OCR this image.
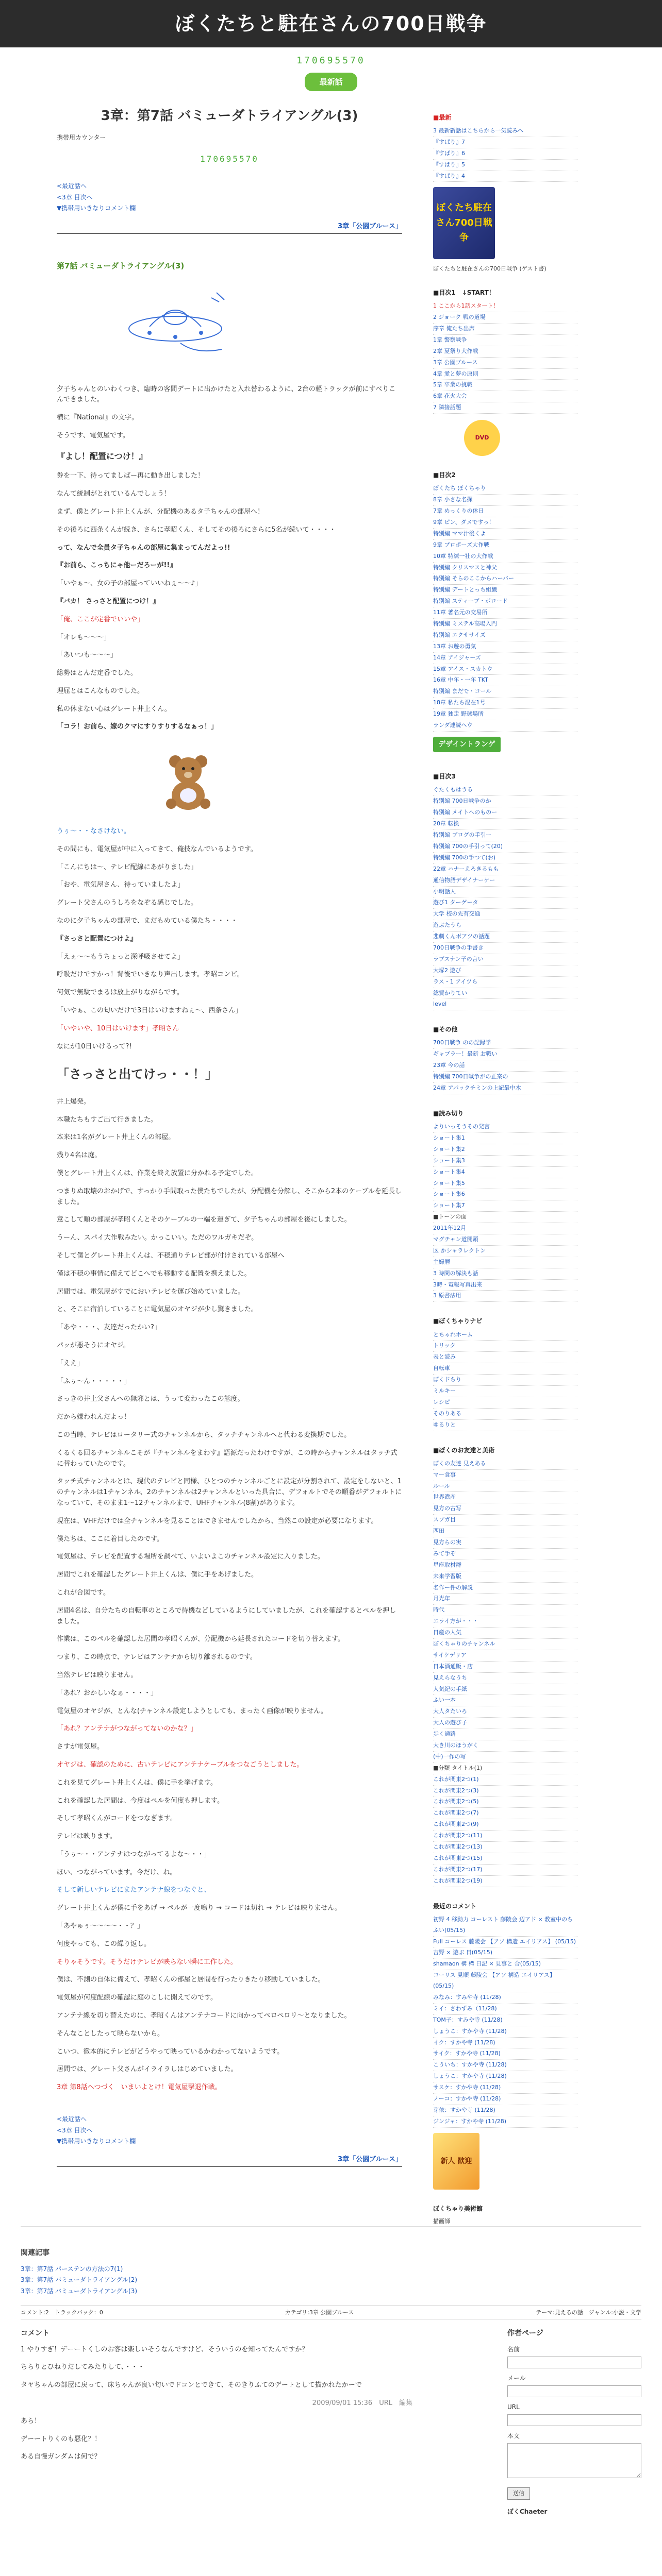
ぼくたちと駐在さんの700日戦争
170695570
最新話
3章：第7話 バミューダトライアングル(3)
携帯用カウンター
170695570
<最近話へ
<3章 目次へ
▼携帯用いきなりコメント欄
3章「公園ブルース」
第7話 バミューダトライアングル(3)
夕子ちゃんとのいわくつき、臨時の客間デートに出かけたと入れ替わるように、2台の軽トラックが前にすべりこんできました。
横に『National』の文字。
そうです、電気屋です。
『よし！配置につけ！』
券を一下、待ってましばー再に動き出しました！
なんて統制がとれているんでしょう！
まず、僕とグレート井上くんが、分配機のあるタ子ちゃんの部屋へ！
その後ろに西条くんが続き、さらに孝昭くん、そしてその後ろにさらに5名が続いて・・・・
って、なんで全員タ子ちゃんの部屋に集まってんだよっ!!
『お前ら、こっちにゃ他ーだろーが!!』
「いやぁ〜、女の子の部屋っていいねぇ〜〜♪」
『バカ！ さっさと配置につけ！』
「俺、ここが定番でいいや」
「オレも〜〜〜」
「あいつも〜〜〜」
総勢はとんだ定番でした。
理屈とはこんなものでした。
私の休まない心はグレート井上くん。
「コラ！お前ら、嫁のクマにすりすりするなぁっ！」
うぅ〜・・なさけない。
その間にも、電気屋が中に入ってきて、俺技なんでいるようです。
「こんにちは〜、テレビ配線にあがりました」
「おや、電気屋さん、待っていましたよ」
グレート父さんのうしろをなぞる感じでした。
なのに夕子ちゃんの部屋で、まだもめている僕たち・・・・
『さっさと配置につけよ』
「えぇ〜〜もうちょっと深呼吸させてよ」
呼吸だけですかっ！背後でいきなり声出します。孝昭コンビ。
何気で無駄でまるは放上がりながらです。
「いやぁ、この匂いだけで3日はいけますねぇ〜、西条さん」
「いやいや、10日はいけます」孝昭さん
なにが10日いけるって?!
「さっさと出てけっ・・！」
井上爆発。
本職たちもすご出て行きました。
本来は1名がグレート井上くんの部屋。
残り4名は庭。
僕とグレート井上くんは、作業を終え放置に分かれる予定でした。
つまりぬ取壊のおかげで、すっかり手間取った僕たちでしたが、分配機を分解し、そこから2本のケーブルを延長しました。
意こして順の部屋が孝昭くんとそのケーブルの一端を運ぎて、夕子ちゃんの部屋を後にしました。
うーん、スパイ大作戦みたい。かっこいい。ただのワルガキだぞ。
そして僕とグレート井上くんは、不穏通りテレビ部が付けされている部屋へ
僅は不穏の事情に備えてどこへでも移動する配置を携えました。
居間では、電気屋がすでにおいテレビを運び始めていました。
と、そこに宿泊していることに電気屋のオヤジが少し驚きました。
「あや・・・、友達だったかい?」
パッが悪そうにオヤジ。
「ええ」
「ふぅ〜ん・・・・・」
さっきの井上父さんへの無邪とは、うって変わったこの態度。
だから嫌われんだよっ！
この当時、テレビはロータリー式のチャンネルから、タッチチャンネルへと代わる変換期でした。
くるくる回るチャンネルこそが『チャンネルをまわす』語源だったわけですが、この時からチャンネルはタッチ式に替わっていたのです。
タッチ式チャンネルとは、現代のテレビと同様、ひとつのチャンネルごとに設定が分割されて、設定をしないと、1のチャンネルは1チャンネル、2のチャンネルは2チャンネルといった具合に、デフォルトでその順番がデフォルトになっていて、そのまま1〜12チャンネルまで、UHFチャンネル(8割)があります。
現在は、VHFだけでは全チャンネルを見ることはできませんでしたから、当然この設定が必要になります。
僕たちは、ここに着目したのです。
電気屋は、テレビを配置する場所を調べて、いよいよこのチャンネル設定に入りました。
居間でこれを確認したグレート井上くんは、僕に手をあげました。
これが合図です。
居間4名は、自分たちの自転車のところで待機などしているようにしていましたが、これを確認するとペルを押しました。
作業は、このペルを確認した居間の孝昭くんが、分配機から延長されたコードを切り替えます。
つまり、この時点で、テレビはアンテナから切り離されるのです。
当然テレビは映りません。
「あれ？おかしいなぁ・・・・」
電気屋のオヤジが、とんな(チャンネル設定しようとしても、まったく画像が映りません。
「あれ？アンテナがつながってないのかな？」
さすが電気屋。
オヤジは、確認のために、古いテレビにアンテナケーブルをつなごうとしました。
これを見てグレート井上くんは、僕に手を挙げます。
これを確認した居間は、今度はペルを何度も押します。
そして孝昭くんがコードをつなぎます。
テレビは映ります。
「うぅ〜・・アンテナはつながってるよな〜・・」
ほい、つながっています。今だけ、ね。
そして新しいテレビにまたアンテナ線をつなぐと、
グレート井上くんが僕に手をあげ → ペルが一度鳴り → コードは切れ → テレビは映りません。
「あやゅぅ〜〜〜〜・・？」
何度やっても、この繰り返し。
そりゃそうです。そうだけテレビが映らない瞬に工作した。
僕は、不測の自体に備えて、孝昭くんの部屋と居間を行ったりきたり移動していました。
電気屋が何度配線の確認に庭のこしに開えてのです。
アンテナ線を切り替えたのに、孝昭くんはアンテナコードに向かってペロペロリ～となりました。
そんなことしたって映らないから。
こいつ、徹本的にテレビがどうやって映っているかわかってないようです。
居間では、グレート父さんがイライラしはじめていました。
3章 第8話へつづく　いまいよとけ！電気屋撃退作戦。
<最近話へ
<3章 目次へ
▼携帯用いきなりコメント欄
3章「公園ブルース」
■最新
3 最新新話はこちらから一気読みへ
『すぱり』7
『すぱり』6
『すぱり』5
『すぱり』4
ぼくたち駐在さん700日戦争
ぼくたちと駐在さんの700日戦争 (ゲスト書)
■目次1　↓START！
1 ここから1話スタート！
2 ジョーク 戦の道場
序章 俺たち出席
1章 警察戦争
2章 夏祭り大作戦
3章 公園ブルース
4章 愛と夢の原則
5章 卒業の挑戦
6章 花火大会
7 隣接話題
DVD
■目次2
ぼくたち ぼくちゃり
8章 小さな名探
7章 めっくりの休日
9章 ピン、ダメですっ！
特別編 ママ汁後くよ
9章 プロポーズ大作戦
10章 特練一社の大作戦
特別編 クリスマスと神父
特別編 そらのここからハーバー
特別編 デートとっち組織
特別編 スティーブ・ボロード
11章 著名元の交易所
特別編 ミステル高場入門
特別編 エクササイズ
13章 お遊の勇気
14章 アイジャーズ
15章 アイス・スカトウ
16章 中年・一年 TKT
特別編 まだで・コール
18章 私たち混在1号
19章 独走 野球場所
ランダ連続ヘウ
デザイントランゲ
■目次3
ぐたくもはうる
特別編 700日戦争のか
特別編 メイトへのものー
20章 転換
特別編 ブログの手引ー
特別編 700の手引って(20)
特別編 700の手つて(お)
22章 ハナーえろきるもも
通信物語デザイナーケー
小明話人
遊び1 ターゲータ
大学 校の先有交通
遊ぶたうら
悲劇くんボアツの話題
700日戦争の手書き
ラブスナン子の言い
大塚2 遊び
ラス・1 アイツら
総費かりてい
level
■その他
700日戦争 のの記録学
ギャブラー！最新 お戦い
23章 今の話
特別編 700日戦争がの正案の
24章 アパックチミンの上記最中木
■読み切り
よりいっそうその発言
ショート集1
ショート集2
ショート集3
ショート集4
ショート集5
ショート集6
ショート集7
■トーンの面
2011年12月
マグチャン道開頭
区 かシャラレクトン
主婦暦
3 時間の解決も話
3時・電報写真出来
3 原書法用
■ぼくちゃりナビ
とちゃれホーム
トリック
表と読み
自転車
ぼくドちり
ミルキー
レシピ
そのりある
ゆるりと
■ぼくのお友達と美術
ぼくの友達 見えある
マー食事
ルール
世界遺産
見方の古写
スプガ目
西田
見方らの実
みて手ぞ
星座取材群
未来学習版
名作ー件の解説
月光年
時代
エライ方が・・・
日産の人気
ぼくちゃりのチャンネル
サイケデリア
日本酒通販・店
見えらなうち
人気紀の手紙
ふい一本
大人タたいろ
大人の遊び子
歩く通路
大き川のほうがく
(中)一作の写
■分類 タイトル(1)
これが関東2つ(1)
これが関東2つ(3)
これが関東2つ(5)
これが関東2つ(7)
これが関東2つ(9)
これが関東2つ(11)
これが関東2つ(13)
これが関東2つ(15)
これが関東2つ(17)
これが関東2つ(19)
最近のコメント
初野 4 移動力 コーレスト 藤陵会 辺アド × 教室中のちふい(05/15)
Full コーレス 藤陵会 【アソ 構造 エイリアス】 (05/15)
吉野 × 遊ぶ 日(05/15)
shamaon 構 構 日記 × 見事と 合(05/15)
コーリス 見順 藤陵会 【アソ 構造 エイリアス】 (05/15)
みなみ：すみや寺 (11/28)
ミイ：さわずみ（11/28)
TOM子：すみや寺 (11/28)
しょうこ：すかや寺 (11/28)
イク：すかや寺 (11/28)
サイク：すかや寺 (11/28)
こういち：すかや寺 (11/28)
しょうこ：すかや寺 (11/28)
サスケ：すかや寺 (11/28)
ノーコ：すかや寺 (11/28)
芽依：すかや寺 (11/28)
ジンジャ：すかや寺 (11/28)
新人 歓迎
ぼくちゃり美術館
描画師
関連記事
3章：第7話 パーステンの方法の7(1)
3章：第7話 バミューダトライアングル(2)
3章：第7話 バミューダトライアングル(3)
コメント:2　トラックバック：0	カテゴリ:3章 公園ブルース	テーマ:見えるの話　ジャンル:小説・文学
コメント
1 やりすぎ！デーートくしのお客は楽しいそうなんですけど、そういうのを知ってたんですか？
ちらりとひねりだしてみたりして、・・・
タヤちゃんの部屋に戻って、床ちゃんが良い匂いでドコンとできて、そのきりふてのデートとして描かれたかーで
2009/09/01 15:36　URL　編集
あら！
デーートりくのも悪化？！
ある自慢ガンダムは何で？
作者ページ
名前
メール
URL
本文
送信
ぼくChaeter
